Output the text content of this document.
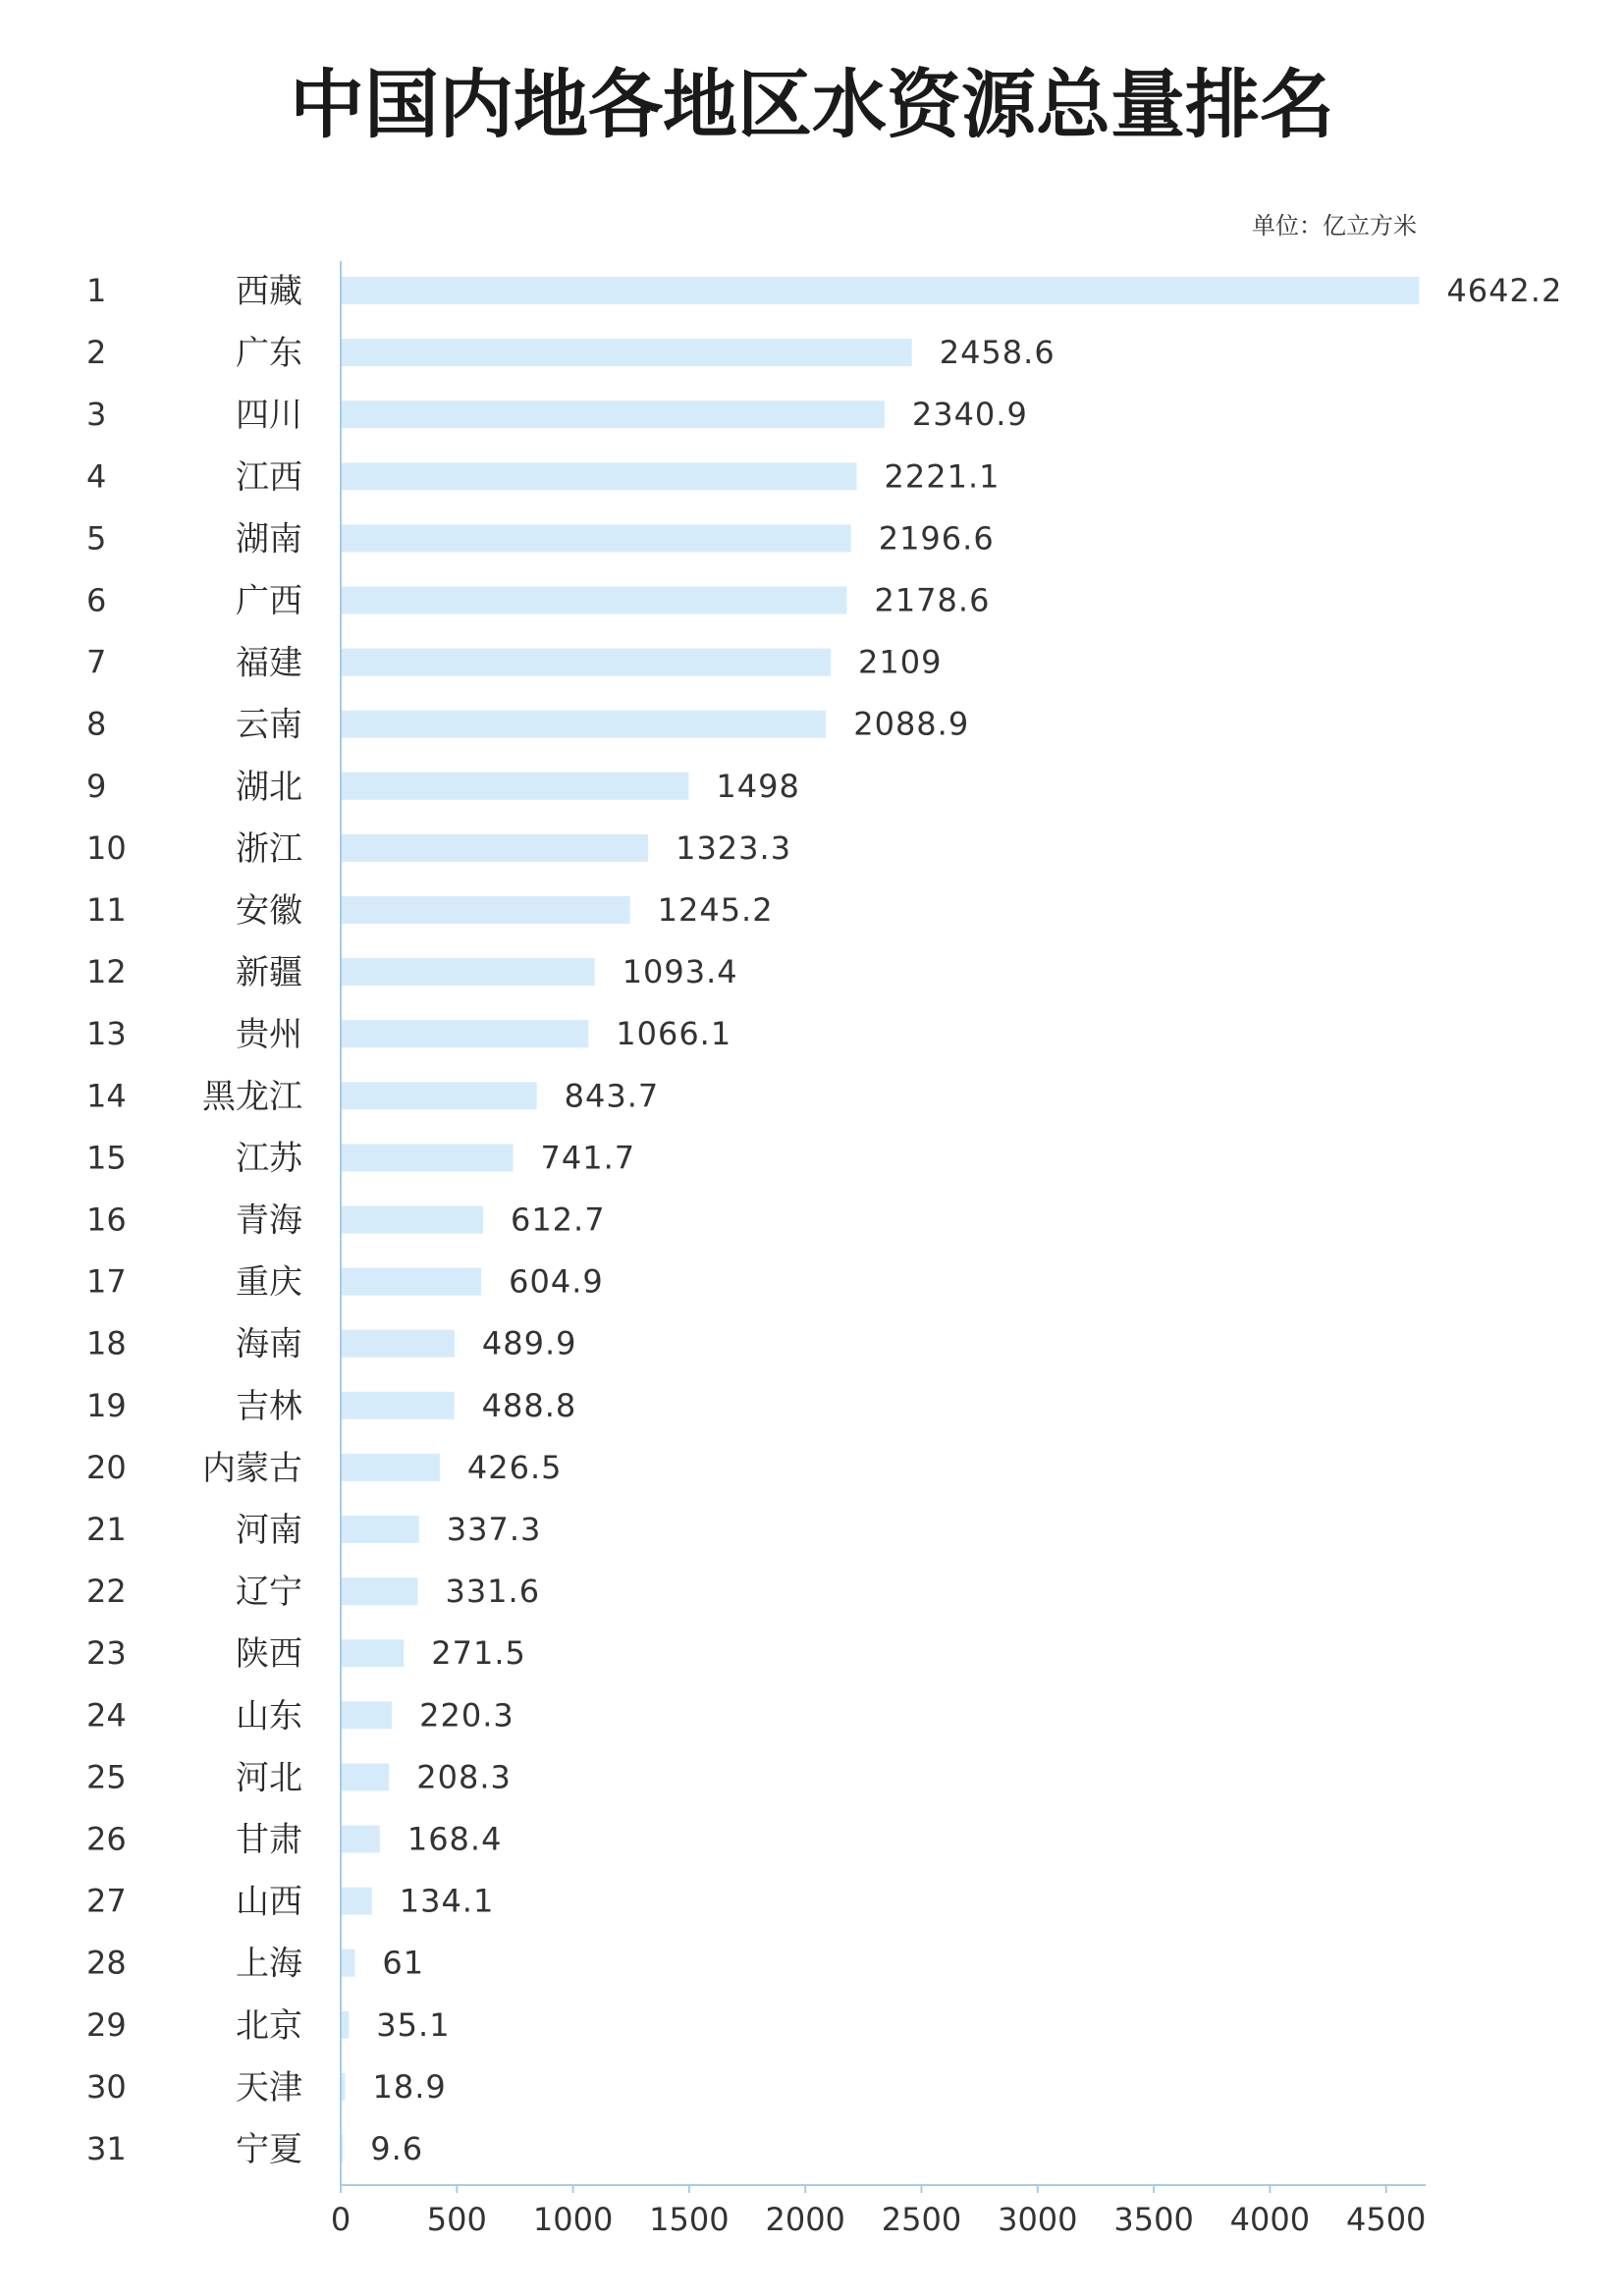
中国内地各地区水资源总量排名
单位：亿立方米
1	西藏	4642.2
2	广东	2458.6
3	四川	2340.9
4	江西	2221.1
5	湖南	2196.6
6	广西	2178.6
7	福建	2109
8	云南	2088.9
9	湖北	1498
10	浙江	1323.3
11	安徽	1245.2
12	新疆	1093.4
13	贵州	1066.1
14 黑龙江	843.7
15	江苏	741.7
16	青海	612.7
17	重庆	604.9
18	海南	489.9
19	吉林	488.8
20 内蒙古	426.5
21	河南	337.3
22	辽宁	331.6
23	陕西	271.5
24	山东	220.3
25	河北	208.3
26	甘肃	168.4
27	山西	134.1
28	上海	61
29	北京 35.1
30	天津 18.9
31	宁夏 9.6
0 500 1000 1500 2000 2500 3000 3500 4000 4500
